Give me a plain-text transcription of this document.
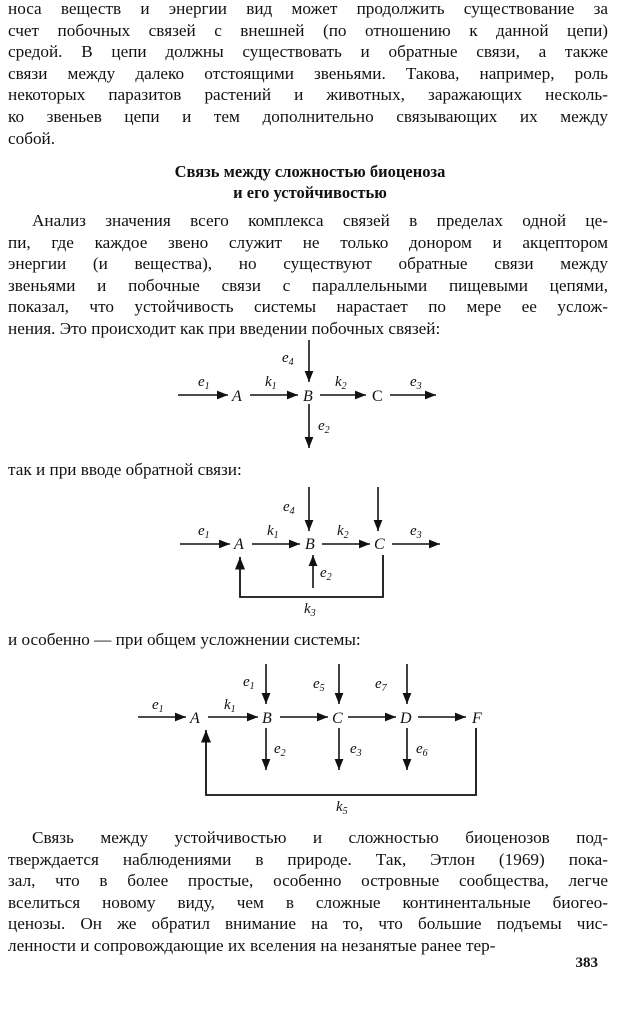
носа веществ и энергии вид может продолжить существование за
счет побочных связей с внешней (по отношению к данной цепи)
средой. В цепи должны существовать и обратные связи, а также
связи между далеко отстоящими звеньями. Такова, например, роль
некоторых паразитов растений и животных, заражающих несколь-
ко звеньев цепи и тем дополнительно связывающих их между
собой.
Связь между сложностью биоценоза
и его устойчивостью
Анализ значения всего комплекса связей в пределах одной це-
пи, где каждое звено служит не только донором и акцептором
энергии (и вещества), но существуют обратные связи между
звеньями и побочные связи с параллельными пищевыми цепями,
показал, что устойчивость системы нарастает по мере ее услож-
нения. Это происходит как при введении побочных связей:
$e_1$
A
$k_1$
B
$k_2$
C
$e_3$
$e_4$
$e_2$
так и при вводе обратной связи:
$e_1$
A
$k_1$
B
$k_2$
C
$e_3$
$e_4$
$e_2$
$k_3$
и особенно — при общем усложнении системы:
$e_1$
A
$k_1$
B	C	D	F
$e_1$	$e_5$	$e_7$
$e_2$	$e_3$	$e_6$
$k_5$
Связь между устойчивостью и сложностью биоценозов под-
тверждается наблюдениями в природе. Так, Этлон (1969) пока-
зал, что в более простые, особенно островные сообщества, легче
вселиться новому виду, чем в сложные континентальные биогео-
ценозы. Он же обратил внимание на то, что большие подъемы чис-
ленности и сопровождающие их вселения на незанятые ранее тер-
383
